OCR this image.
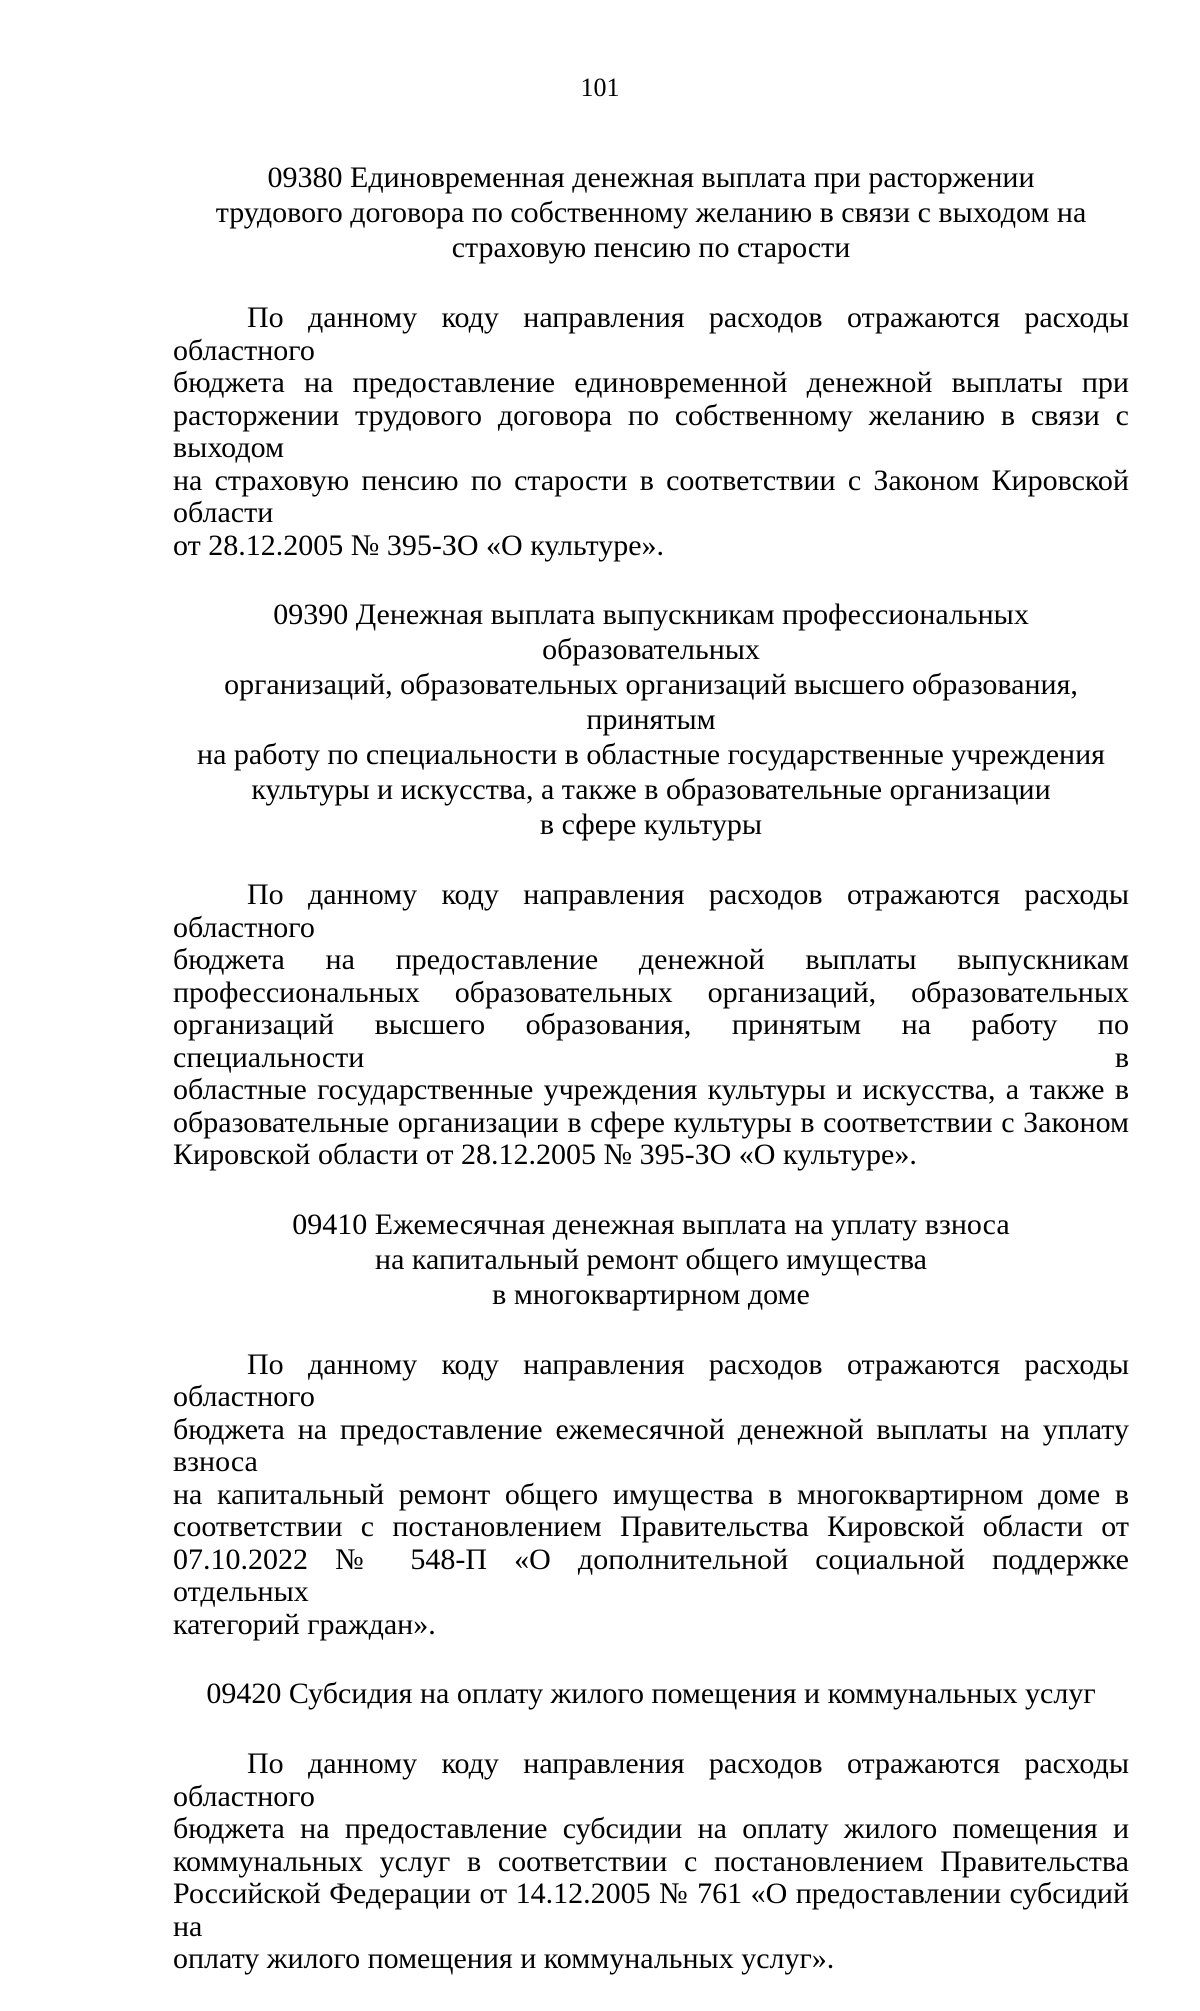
101
09380 Единовременная денежная выплата при расторжении
трудового договора по собственному желанию в связи с выходом на
страховую пенсию по старости

По данному коду направления расходов отражаются расходы областного
бюджета на предоставление единовременной денежной выплаты при
расторжении трудового договора по собственному желанию в связи с выходом
на страховую пенсию по старости в соответствии с Законом Кировской области
от 28.12.2005 № 395-ЗО «О культуре».

09390 Денежная выплата выпускникам профессиональных образовательных
организаций, образовательных организаций высшего образования, принятым
на работу по специальности в областные государственные учреждения
культуры и искусства, а также в образовательные организации
в сфере культуры

По данному коду направления расходов отражаются расходы областного
бюджета на предоставление денежной выплаты выпускникам
профессиональных образовательных организаций, образовательных
организаций высшего образования, принятым на работу по специальности в
областные государственные учреждения культуры и искусства, а также в
образовательные организации в сфере культуры в соответствии с Законом
Кировской области от 28.12.2005 № 395-ЗО «О культуре».

09410 Ежемесячная денежная выплата на уплату взноса
на капитальный ремонт общего имущества
в многоквартирном доме

По данному коду направления расходов отражаются расходы областного
бюджета на предоставление ежемесячной денежной выплаты на уплату взноса
на капитальный ремонт общего имущества в многоквартирном доме в
соответствии с постановлением Правительства Кировской области от
07.10.2022 № 548-П «О дополнительной социальной поддержке отдельных
категорий граждан».

09420 Субсидия на оплату жилого помещения и коммунальных услуг

По данному коду направления расходов отражаются расходы областного
бюджета на предоставление субсидии на оплату жилого помещения и
коммунальных услуг в соответствии с постановлением Правительства
Российской Федерации от 14.12.2005 № 761 «О предоставлении субсидий на
оплату жилого помещения и коммунальных услуг».
